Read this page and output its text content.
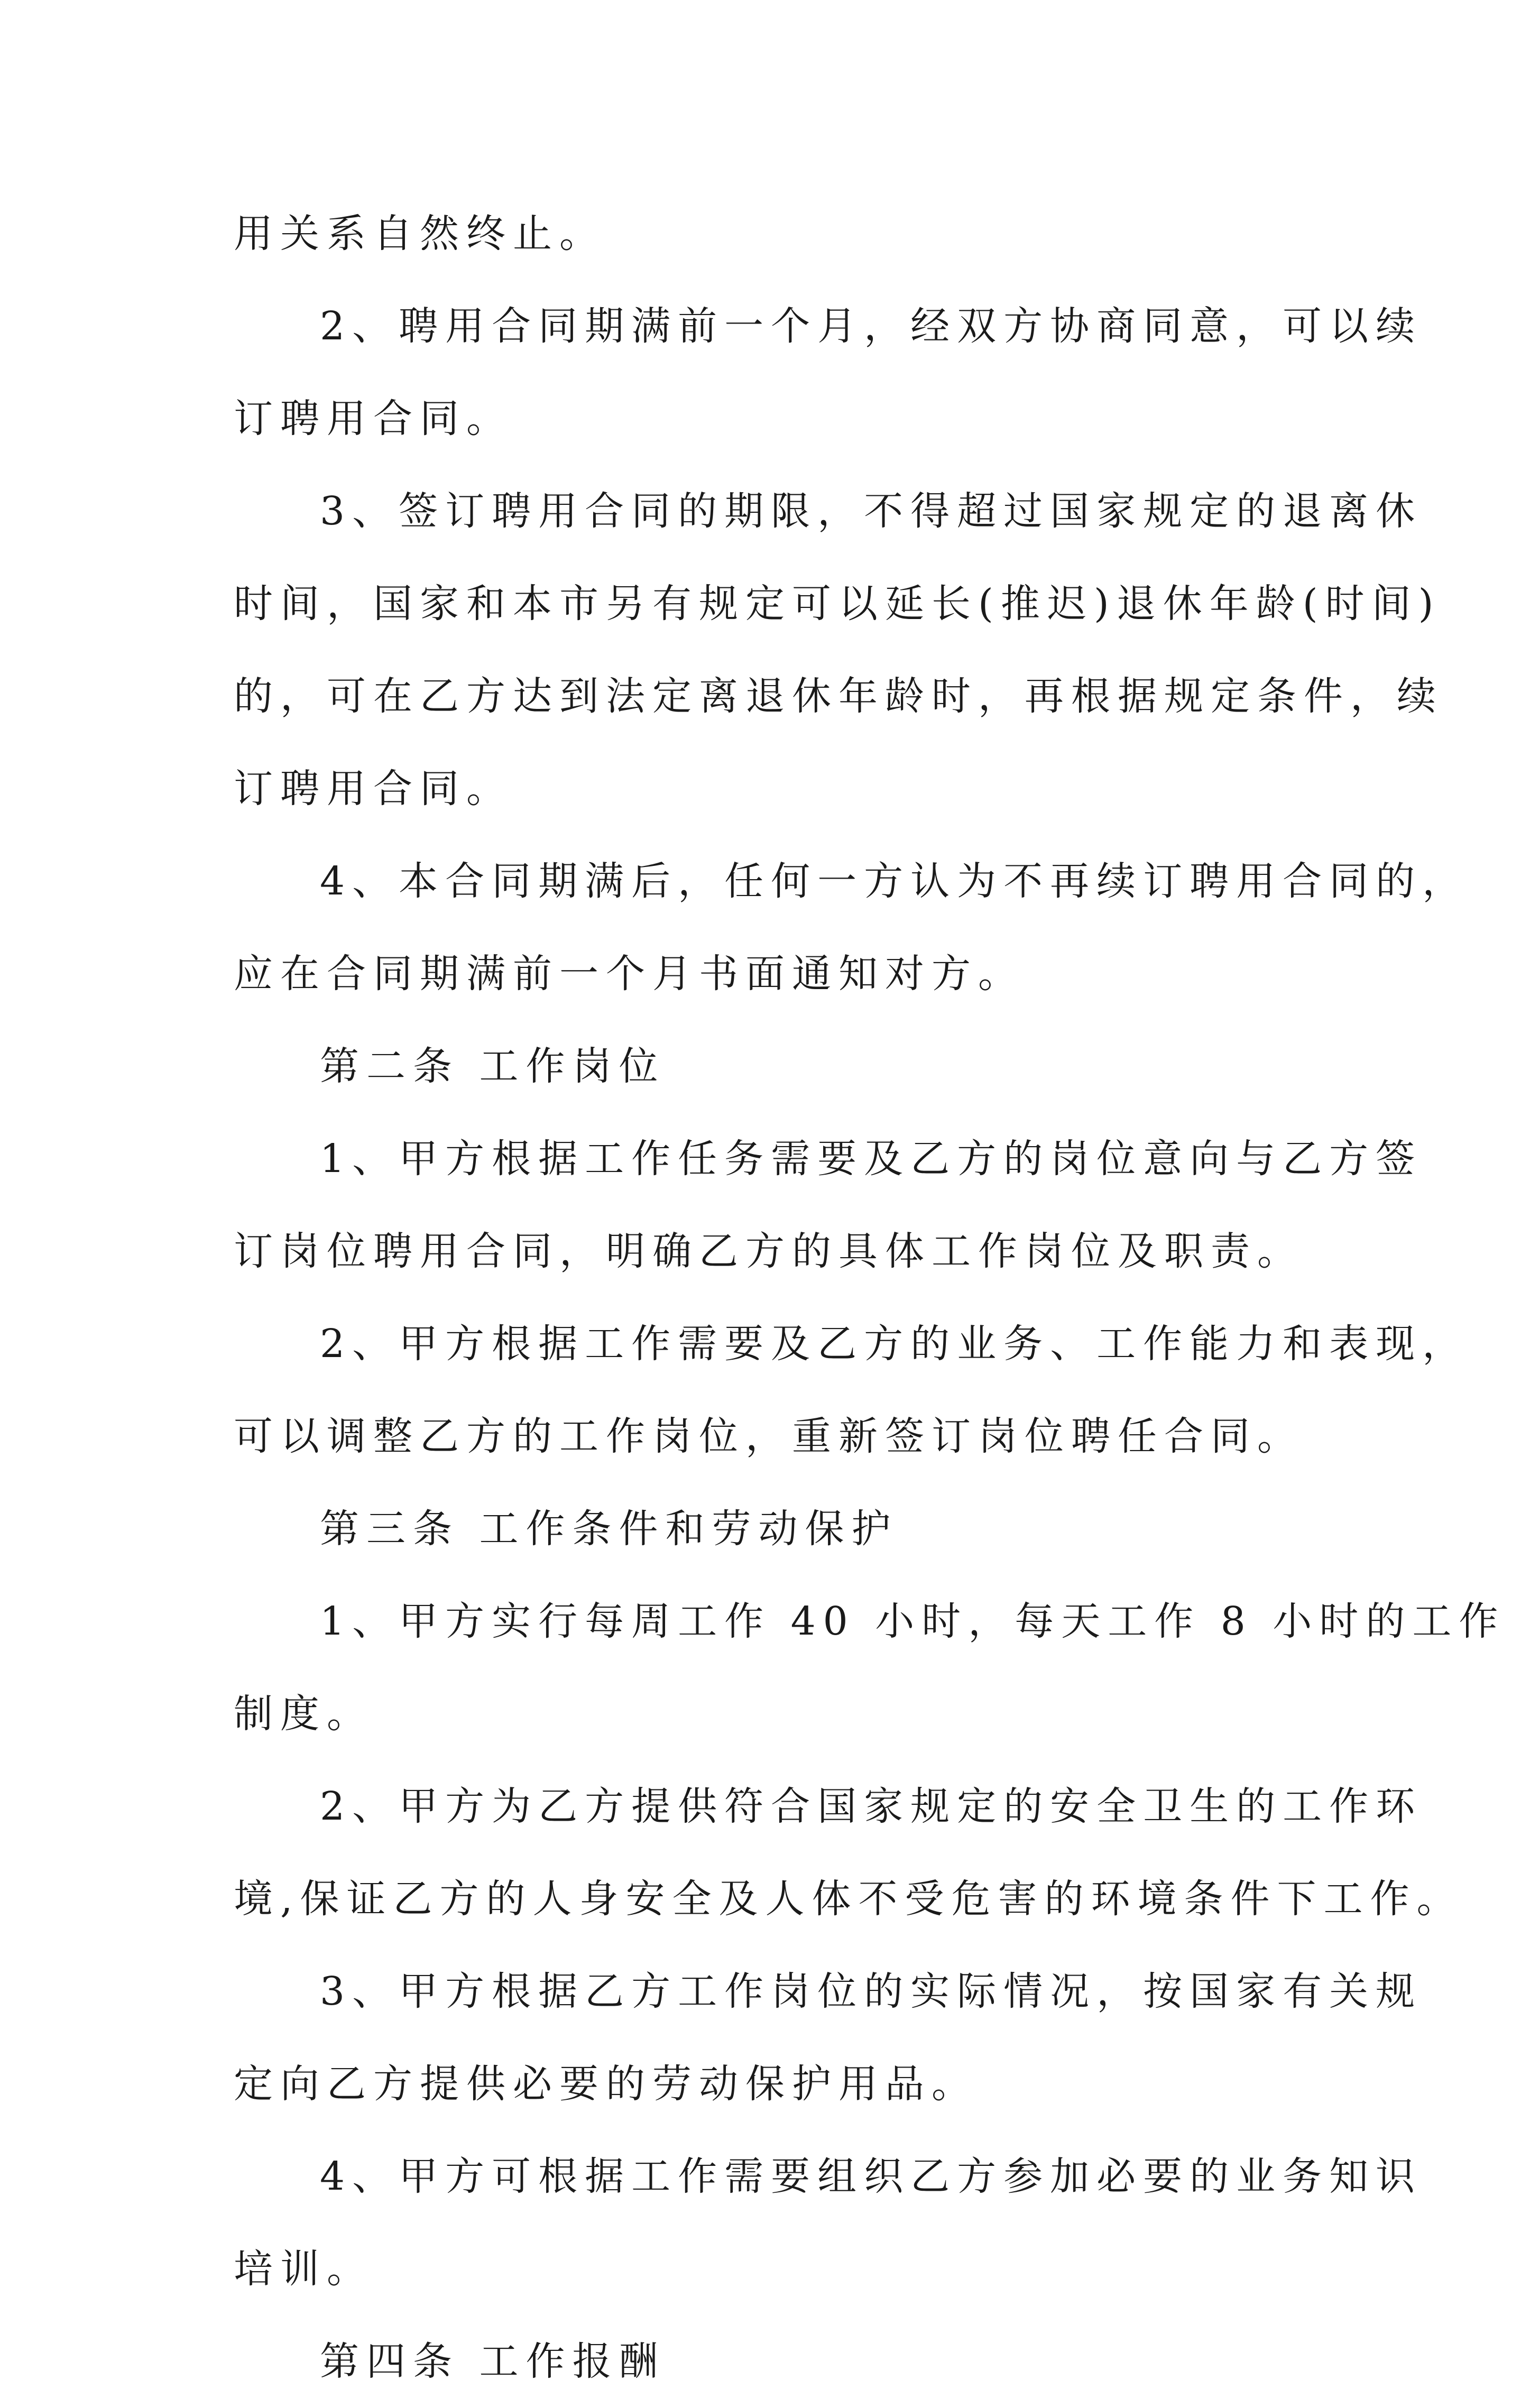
用关系自然终止。
2、聘用合同期满前一个月，经双方协商同意，可以续
订聘用合同。
3、签订聘用合同的期限，不得超过国家规定的退离休
时间，国家和本市另有规定可以延长(推迟)退休年龄(时间)
的，可在乙方达到法定离退休年龄时，再根据规定条件，续
订聘用合同。
4、本合同期满后，任何一方认为不再续订聘用合同的，
应在合同期满前一个月书面通知对方。
第二条 工作岗位
1、甲方根据工作任务需要及乙方的岗位意向与乙方签
订岗位聘用合同，明确乙方的具体工作岗位及职责。
2、甲方根据工作需要及乙方的业务、工作能力和表现，
可以调整乙方的工作岗位，重新签订岗位聘任合同。
第三条 工作条件和劳动保护
1、甲方实行每周工作 40 小时，每天工作 8 小时的工作
制度。
2、甲方为乙方提供符合国家规定的安全卫生的工作环
境,保证乙方的人身安全及人体不受危害的环境条件下工作。
3、甲方根据乙方工作岗位的实际情况，按国家有关规
定向乙方提供必要的劳动保护用品。
4、甲方可根据工作需要组织乙方参加必要的业务知识
培训。
第四条 工作报酬
